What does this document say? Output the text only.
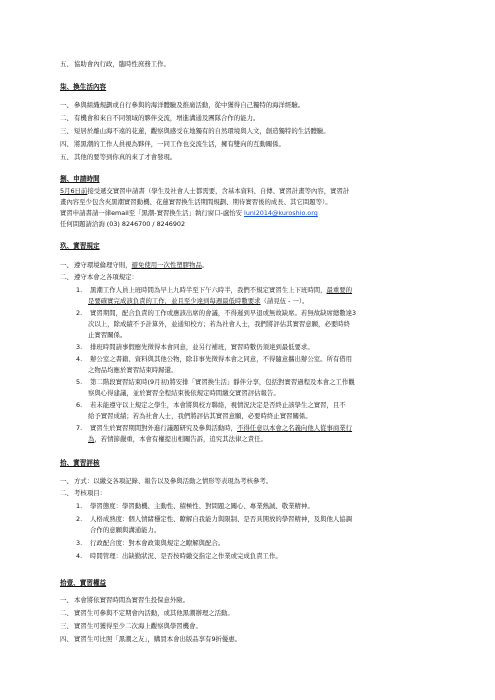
五、 協助會內行政，臨時性庶務工作。
柒、換生活內容
一、 參與組織規劃或自行參與的海洋體驗及推廣活動，從中獲得自己獨特的海洋經驗。
二、 有機會和來自不同領域的夥伴交流，增進溝通及團隊合作的能力。
三、 短居於離山海不遠的花蓮，觀察與感受在地獨有的自然環境與人文，創造獨特的生活體驗。
四、 將黑潮的工作人員視為夥伴，一同工作也交流生活，擁有雙向的互動關係。
五、 其他的要等到你真的來了才會發現。
捌、申請時間
5月6日前接受遞交實習申請書（學生及社會人士都需要，含基本資料、自傳、實習計畫等內容，實習計
畫內容至少包含夾黑潮實習動機、花蓮實習換生活期間規劃、期待實習後的成長、其它問題等）。
實習申請書請一律email至「黑潮-實習換生活」執行窗口-盧怡安 luni2014@kuroshio.org
任何問題請洽詢 (03) 8246700 / 8246902
玖、實習規定
一、 遵守環境倫理守則，避免使用一次性塑膠物品。
二、 遵守本會之各項規定：
1. 黑潮工作人員上班時間為早上九時半至下午六時半，我們不規定實習生上下班時間，最重要的
是要確實完成該負責的工作，並且至少達到每週最低時數要求（請見伍 - 一）。
2. 實習期間，配合負責的工作或應該出席的會議，不得遲到早退或無故缺席。若無故缺席總數達3
次以上，除成績不予計算外，並通知校方；若為社會人士，我們將評估其實習意願，必要時終
止實習關係。
3. 排班時間請事假應先徵得本會同意，並另行補班，實習時數仍須達到最低要求。
4. 辦公室之書籍、資料與其他公物，除非事先徵得本會之同意，不得隨意攜出辦公室。所有借用
之物品均應於實習結束時歸還。
5. 第二階段實習結束時(9月初)將安排「實習換生活」靜伴分享，包括對實習過程及本會之工作觀
察與心得建議，並於實習全程結束後依規定時間繳交實習評估報告。
6. 若未能遵守以上規定之學生，本會將與校方聯絡，視情況決定是否終止該學生之實習，且不
給予實習成績；若為社會人士，我們將評估其實習意願，必要時終止實習關係。
7. 實習生於實習期間對外進行議題研究及參與活動時，不得任意以本會之名義向他人從事商業行
為，若情節嚴重，本會有權提出相關告訴，追究其法律之責任。
拾、實習評核
一、 方式：以繳交各項記錄、報告以及參與活動之情形等表現為考核參考。
二、 考核項目：
1. 學習態度：學習動機、主動性、積極性、對問題之關心、專業熱誠、敬業精神。
2. 人格成熟度：個人情緒穩定性、瞭解自我能力與限制、是否具開放的學習精神，及與他人協調
合作的意願與溝通能力。
3. 行政配合度：對本會政策與規定之瞭解與配合。
4. 時間管理：出缺勤狀況、是否按時繳交指定之作業或完成負責工作。
拾壹、實習權益
一、 本會將依實習時間為實習生投保意外險。
二、 實習生可參與不定期會內活動，或其他黑潮辦理之活動。
三、 實習生可獲得至少二次海上觀察與學習機會。
四、 實習生可比照「黑潮之友」，購買本會出版品享有9折優惠。
